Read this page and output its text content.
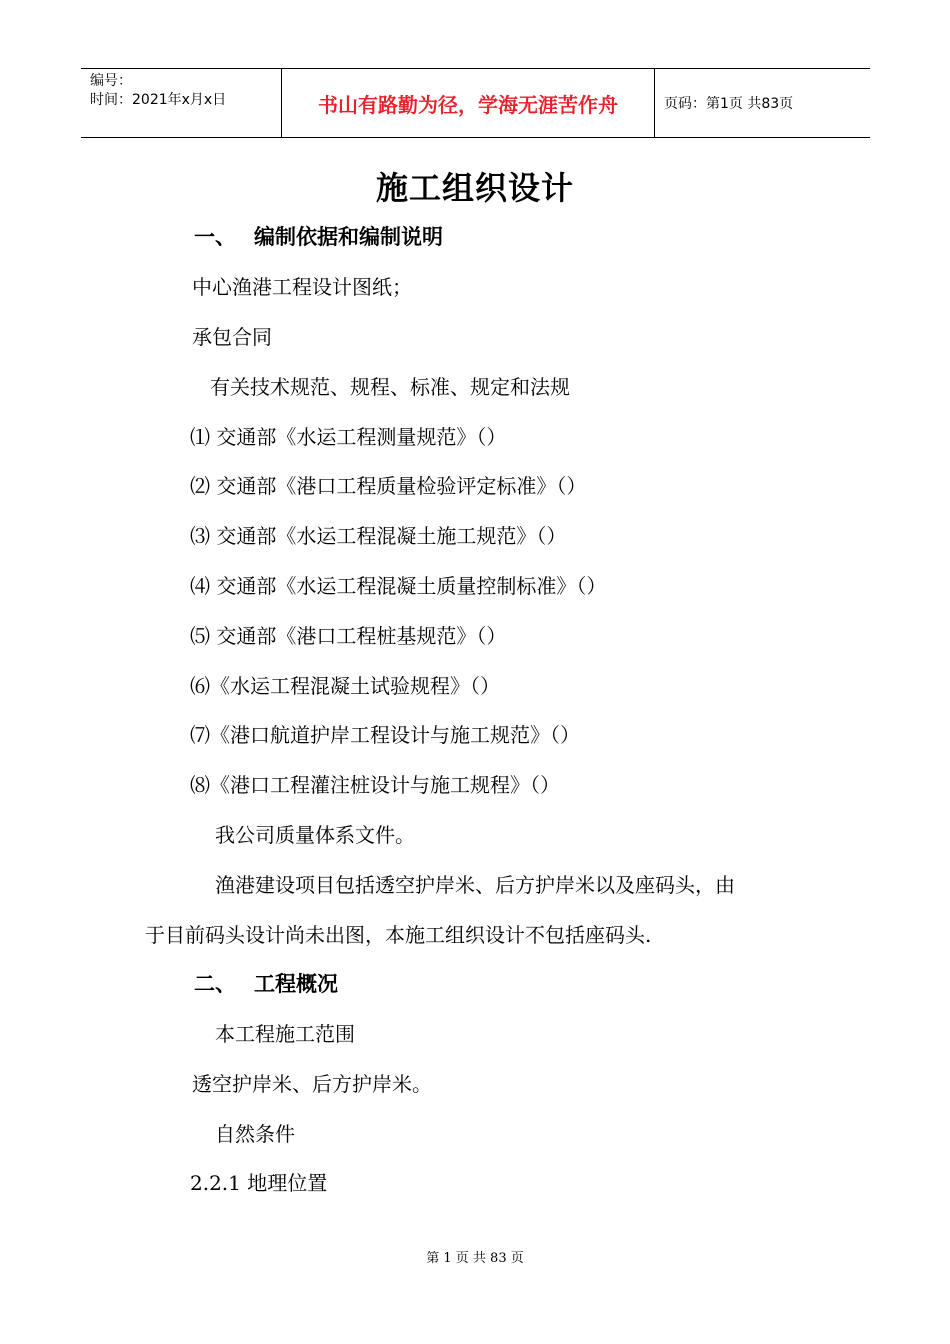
编号：
时间：2021年x月x日	书山有路勤为径，学海无涯苦作舟	页码：第1页 共83页
施工组织设计
一、 编制依据和编制说明
中心渔港工程设计图纸；
承包合同
有关技术规范、规程、标准、规定和法规
⑴ 交通部《水运工程测量规范》（）
⑵ 交通部《港口工程质量检验评定标准》（）
⑶ 交通部《水运工程混凝土施工规范》（）
⑷ 交通部《水运工程混凝土质量控制标准》（）
⑸ 交通部《港口工程桩基规范》（）
⑹《水运工程混凝土试验规程》（）
⑺《港口航道护岸工程设计与施工规范》（）
⑻《港口工程灌注桩设计与施工规程》（）
我公司质量体系文件。
渔港建设项目包括透空护岸米、后方护岸米以及座码头，由
于目前码头设计尚未出图，本施工组织设计不包括座码头.
二、 工程概况
本工程施工范围
透空护岸米、后方护岸米。
自然条件
2.2.1 地理位置
第 1 页 共 83 页
